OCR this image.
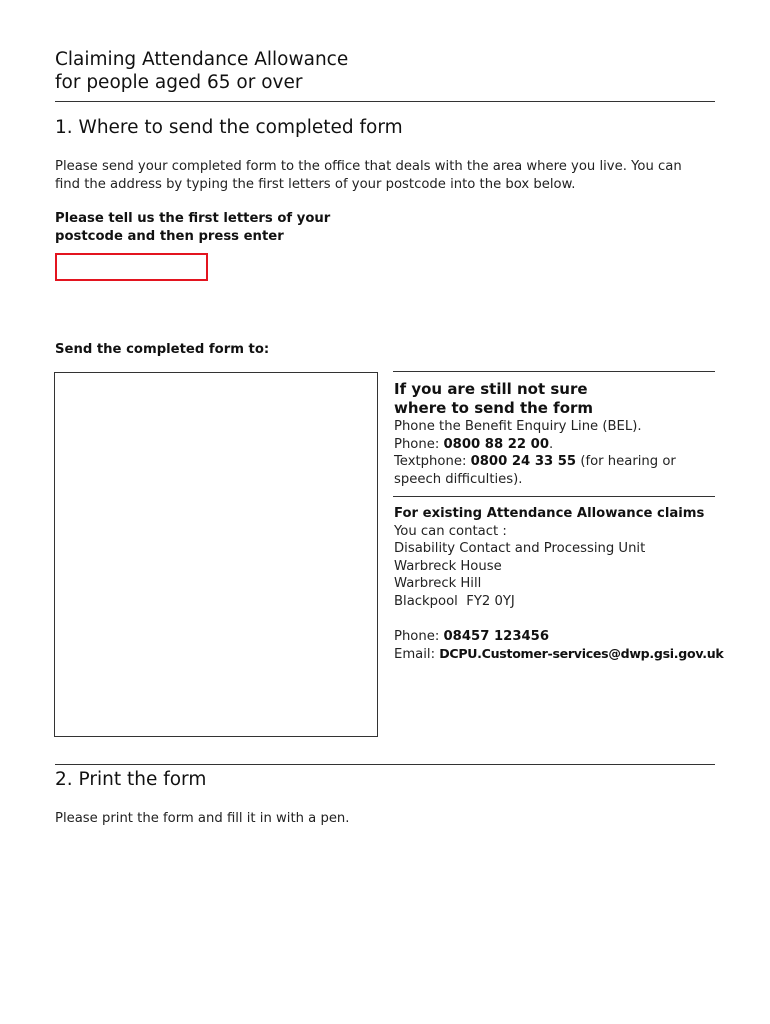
Claiming Attendance Allowance
for people aged 65 or over
1. Where to send the completed form
Please send your completed form to the office that deals with the area where you live. You can
find the address by typing the first letters of your postcode into the box below.
Please tell us the first letters of your
postcode and then press enter
Send the completed form to:
If you are still not sure
where to send the form
Phone the Benefit Enquiry Line (BEL).
Phone: 0800 88 22 00.
Textphone: 0800 24 33 55 (for hearing or
speech difficulties).
For existing Attendance Allowance claims
You can contact :
Disability Contact and Processing Unit
Warbreck House
Warbreck Hill
Blackpool  FY2 0YJ
Phone: 08457 123456
Email: DCPU.Customer-services@dwp.gsi.gov.uk
2. Print the form
Please print the form and fill it in with a pen.
